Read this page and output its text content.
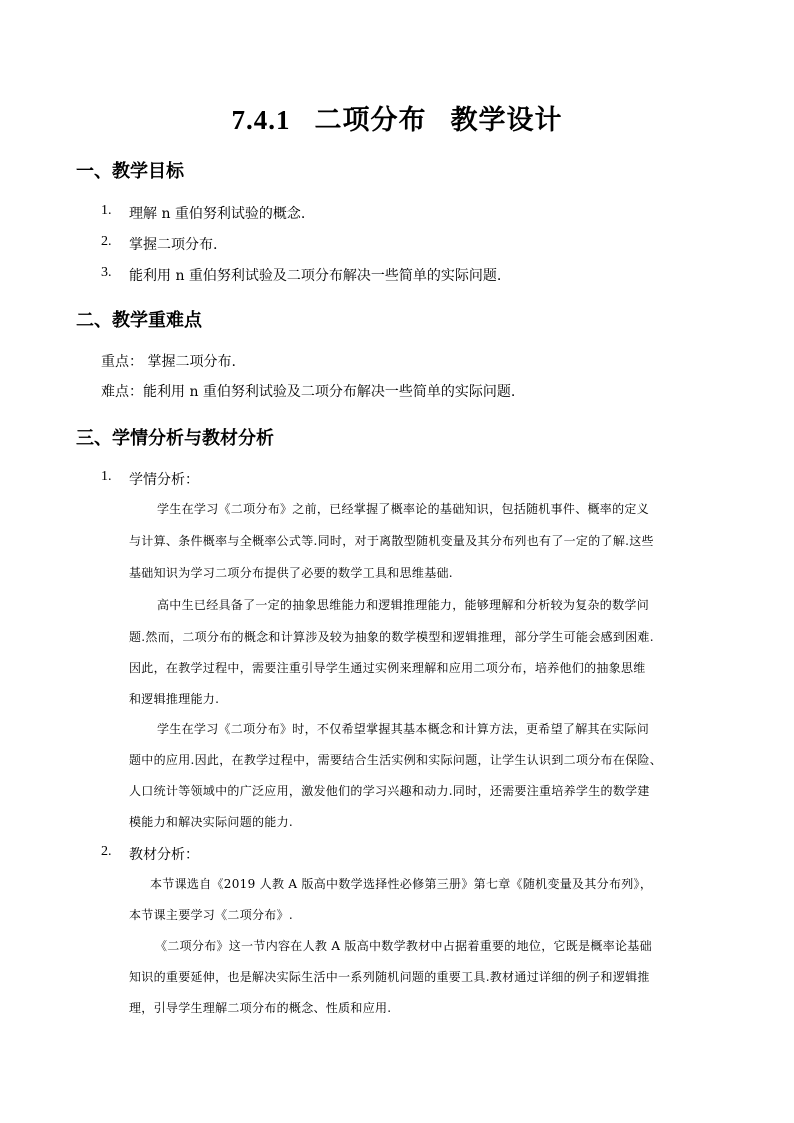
7.4.1 二项分布 教学设计
一、教学目标
1. 理解 n 重伯努利试验的概念.
2. 掌握二项分布.
3. 能利用 n 重伯努利试验及二项分布解决一些简单的实际问题.
二、教学重难点
重点： 掌握二项分布.
难点：能利用 n 重伯努利试验及二项分布解决一些简单的实际问题.
三、学情分析与教材分析
1. 学情分析：
学生在学习《二项分布》之前，已经掌握了概率论的基础知识，包括随机事件、概率的定义
与计算、条件概率与全概率公式等.同时，对于离散型随机变量及其分布列也有了一定的了解.这些
基础知识为学习二项分布提供了必要的数学工具和思维基础.
高中生已经具备了一定的抽象思维能力和逻辑推理能力，能够理解和分析较为复杂的数学问
题.然而，二项分布的概念和计算涉及较为抽象的数学模型和逻辑推理，部分学生可能会感到困难.
因此，在教学过程中，需要注重引导学生通过实例来理解和应用二项分布，培养他们的抽象思维
和逻辑推理能力.
学生在学习《二项分布》时，不仅希望掌握其基本概念和计算方法，更希望了解其在实际问
题中的应用.因此，在教学过程中，需要结合生活实例和实际问题，让学生认识到二项分布在保险、
人口统计等领域中的广泛应用，激发他们的学习兴趣和动力.同时，还需要注重培养学生的数学建
模能力和解决实际问题的能力.
2. 教材分析：
本节课选自《2019 人教 A 版高中数学选择性必修第三册》第七章《随机变量及其分布列》，
本节课主要学习《二项分布》.
《二项分布》这一节内容在人教 A 版高中数学教材中占据着重要的地位，它既是概率论基础
知识的重要延伸，也是解决实际生活中一系列随机问题的重要工具.教材通过详细的例子和逻辑推
理，引导学生理解二项分布的概念、性质和应用.
